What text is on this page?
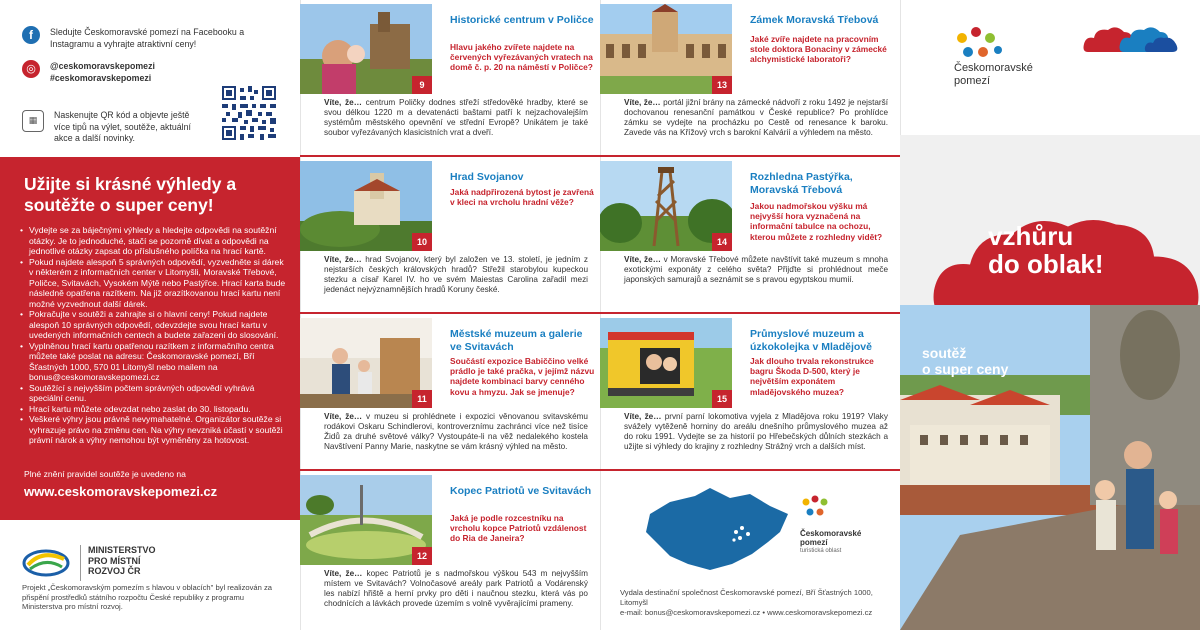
f	Sledujte Českomoravské pomezí na Facebooku a Instagramu a vyhrajte atraktivní ceny!
◎	@ceskomoravskepomezi
#ceskomoravskepomezi
▦	Naskenujte QR kód a objevte ještě více tipů na výlet, soutěže, aktuální akce a další novinky.
Užijte si krásné výhledy a soutěžte o super ceny!
• Vydejte se za báječnými výhledy a hledejte odpovědi na soutěžní otázky. Je to jednoduché, stačí se pozorně dívat a odpovědi na jednotlivé otázky zapsat do příslušného políčka na hrací kartě.
• Pokud najdete alespoň 5 správných odpovědí, vyzvedněte si dárek v některém z informačních center v Litomyšli, Moravské Třebové, Poličce, Svitavách, Vysokém Mýtě nebo Pastýřce. Hrací karta bude následně opatřena razítkem. Na již orazítkovanou hrací kartu není možné vyzvednout další dárek.
• Pokračujte v soutěži a zahrajte si o hlavní ceny! Pokud najdete alespoň 10 správných odpovědí, odevzdejte svou hrací kartu v uvedených informačních centech a budete zařazeni do slosování.
• Vyplněnou hrací kartu opatřenou razítkem z informačního centra můžete také poslat na adresu: Českomoravské pomezí, Bří Šťastných 1000, 570 01 Litomyšl nebo mailem na bonus@ceskomoravskepomezi.cz
• Soutěžící s nejvyšším počtem správných odpovědí vyhrává speciální cenu.
• Hrací kartu můžete odevzdat nebo zaslat do 30. listopadu.
• Veškeré výhry jsou právně nevymahatelné. Organizátor soutěže si vyhrazuje právo na změnu cen. Na výhry nevzniká účastí v soutěži právní nárok a výhry nemohou být vyměněny za hotovost.
Plné znění pravidel soutěže je uvedeno na
www.ceskomoravskepomezi.cz
MINISTERSTVO PRO MÍSTNÍ ROZVOJ ČR
Projekt „Českomoravským pomezím s hlavou v oblacích" byl realizován za přispění prostředků státního rozpočtu České republiky z programu Ministerstva pro místní rozvoj.
9
Historické centrum v Poličce
Hlavu jakého zvířete najdete na červených vyřezávaných vratech na domě č. p. 20 na náměstí v Poličce?
Víte, že… centrum Poličky dodnes střeží středověké hradby, které se svou délkou 1220 m a devatenácti baštami patří k nejzachovalejším systémům městského opevnění ve střední Evropě? Unikátem je také soubor vyřezávaných klasicistních vrat a dveří.
10
Hrad Svojanov
Jaká nadpřirozená bytost je zavřená v kleci na vrcholu hradní věže?
Víte, že… hrad Svojanov, který byl založen ve 13. století, je jedním z nejstarších českých královských hradů? Střežil starobylou kupeckou stezku a císař Karel IV. ho ve svém Maiestas Carolina zařadil mezi jedenáct nejvýznamnějších hradů Koruny české.
11
Městské muzeum a galerie ve Svitavách
Součástí expozice Babiččino velké prádlo je také pračka, v jejímž názvu najdete kombinaci barvy cenného kovu a hmyzu. Jak se jmenuje?
Víte, že… v muzeu si prohlédnete i expozici věnovanou svitavskému rodákovi Oskaru Schindlerovi, kontroverznímu zachránci více než tisíce Židů za druhé světové války? Vystoupáte-li na věž nedalekého kostela Navštívení Panny Marie, naskytne se vám krásný výhled na město.
12
Kopec Patriotů ve Svitavách
Jaká je podle rozcestníku na vrcholu kopce Patriotů vzdálenost do Ria de Janeira?
Víte, že… kopec Patriotů je s nadmořskou výškou 543 m nejvyšším místem ve Svitavách? Volnočasové areály park Patriotů a Vodárenský les nabízí hřiště a herní prvky pro děti i naučnou stezku, která vás po chodnících a lávkách provede územím s volně vyvěrajícími prameny.
13
Zámek Moravská Třebová
Jaké zvíře najdete na pracovním stole doktora Bonaciny v zámecké alchymistické laboratoři?
Víte, že… portál jižní brány na zámecké nádvoří z roku 1492 je nejstarší dochovanou renesanční památkou v České republice? Po prohlídce zámku se vydejte na procházku po Cestě od renesance k baroku. Zavede vás na Křížový vrch s barokní Kalvárií a výhledem na město.
14
Rozhledna Pastýřka, Moravská Třebová
Jakou nadmořskou výšku má nejvyšší hora vyznačená na informační tabulce na ochozu, kterou můžete z rozhledny vidět?
Víte, že… v Moravské Třebové můžete navštívit také muzeum s mnoha exotickými exponáty z celého světa? Přijďte si prohlédnout meče japonských samurajů a seznámit se s pravou egyptskou mumií.
15
Průmyslové muzeum a úzkokolejka v Mladějově
Jak dlouho trvala rekonstrukce bagru Škoda D-500, který je největším exponátem mladějovského muzea?
Víte, že… první parní lokomotiva vyjela z Mladějova roku 1919? Vlaky svážely vytěženě horniny do areálu dnešního průmyslového muzea až do roku 1991. Vydejte se za historií po Hřebečských důlních stezkách a užijte si výhledy do krajiny z rozhledny Strážný vrch a dalších míst.
Českomoravské
pomezí
turistická oblast
Vydala destinační společnost Českomoravské pomezí, Bří Šťastných 1000, Litomyšl
e-mail: bonus@ceskomoravskepomezi.cz • www.ceskomoravskepomezi.cz
Českomoravské
pomezí
vzhůru
do oblak!
soutěž
o super ceny
